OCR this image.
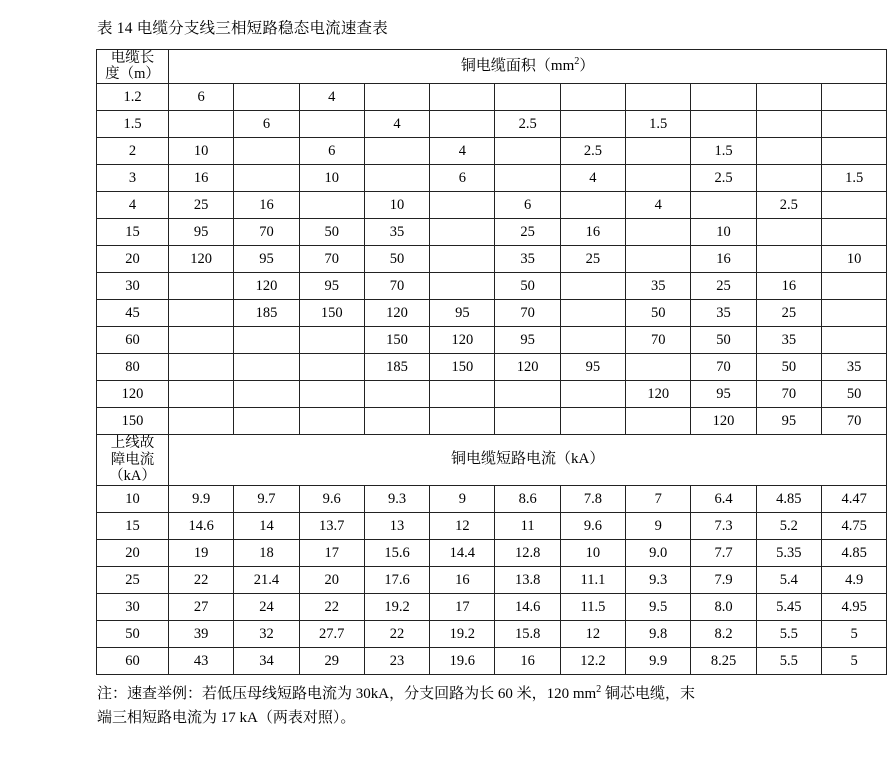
表 14 电缆分支线三相短路稳态电流速查表
电缆长
度（m）	铜电缆面积$(mm^2)$										
1.2	6		4								
1.5		6		4		2.5		1.5			
2	10		6		4		2.5		1.5		
3	16		10		6		4		2.5		1.5
4	25	16		10		6		4		2.5	
15	95	70	50	35		25	16		10		
20	120	95	70	50		35	25		16		10
30		120	95	70		50		35	25	16	
45		185	150	120	95	70		50	35	25	
60				150	120	95		70	50	35	
80				185	150	120	95		70	50	35
120								120	95	70	50
150									120	95	70

上线故
障电流
（kA）	铜电缆短路电流（kA）										
10	9.9	9.7	9.6	9.3	9	8.6	7.8	7	6.4	4.85	4.47
15	14.6	14	13.7	13	12	11	9.6	9	7.3	5.2	4.75
20	19	18	17	15.6	14.4	12.8	10	9.0	7.7	5.35	4.85
25	22	21.4	20	17.6	16	13.8	11.1	9.3	7.9	5.4	4.9
30	27	24	22	19.2	17	14.6	11.5	9.5	8.0	5.45	4.95
50	39	32	27.7	22	19.2	15.8	12	9.8	8.2	5.5	5
60	43	34	29	23	19.6	16	12.2	9.9	8.25	5.5	5
注：速查举例：若低压母线短路电流为 30kA，分支回路为长 60 米，120 $mm^2$ 铜芯电缆，末
端三相短路电流为 17 kA（两表对照）。
